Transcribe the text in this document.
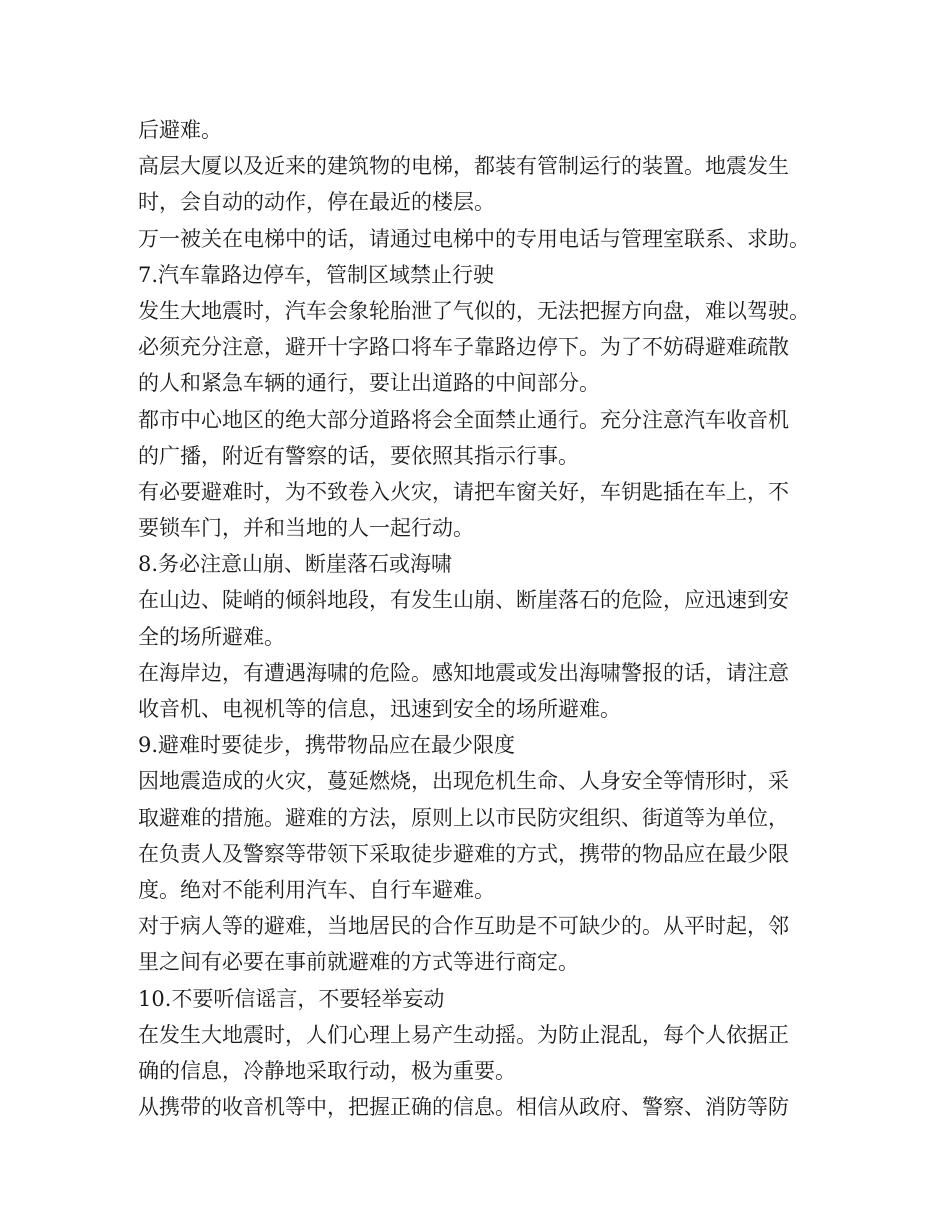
后避难。

高层大厦以及近来的建筑物的电梯，都装有管制运行的装置。地震发生

时，会自动的动作，停在最近的楼层。

万一被关在电梯中的话，请通过电梯中的专用电话与管理室联系、求助。

7.汽车靠路边停车，管制区域禁止行驶

发生大地震时，汽车会象轮胎泄了气似的，无法把握方向盘，难以驾驶。

必须充分注意，避开十字路口将车子靠路边停下。为了不妨碍避难疏散

的人和紧急车辆的通行，要让出道路的中间部分。

都市中心地区的绝大部分道路将会全面禁止通行。充分注意汽车收音机

的广播，附近有警察的话，要依照其指示行事。

有必要避难时，为不致卷入火灾，请把车窗关好，车钥匙插在车上，不

要锁车门，并和当地的人一起行动。

8.务必注意山崩、断崖落石或海啸

在山边、陡峭的倾斜地段，有发生山崩、断崖落石的危险，应迅速到安

全的场所避难。

在海岸边，有遭遇海啸的危险。感知地震或发出海啸警报的话，请注意

收音机、电视机等的信息，迅速到安全的场所避难。

9.避难时要徒步，携带物品应在最少限度

因地震造成的火灾，蔓延燃烧，出现危机生命、人身安全等情形时，采

取避难的措施。避难的方法，原则上以市民防灾组织、街道等为单位，

在负责人及警察等带领下采取徒步避难的方式，携带的物品应在最少限

度。绝对不能利用汽车、自行车避难。

对于病人等的避难，当地居民的合作互助是不可缺少的。从平时起，邻

里之间有必要在事前就避难的方式等进行商定。

10.不要听信谣言，不要轻举妄动

在发生大地震时，人们心理上易产生动摇。为防止混乱，每个人依据正

确的信息，冷静地采取行动，极为重要。

从携带的收音机等中，把握正确的信息。相信从政府、警察、消防等防
